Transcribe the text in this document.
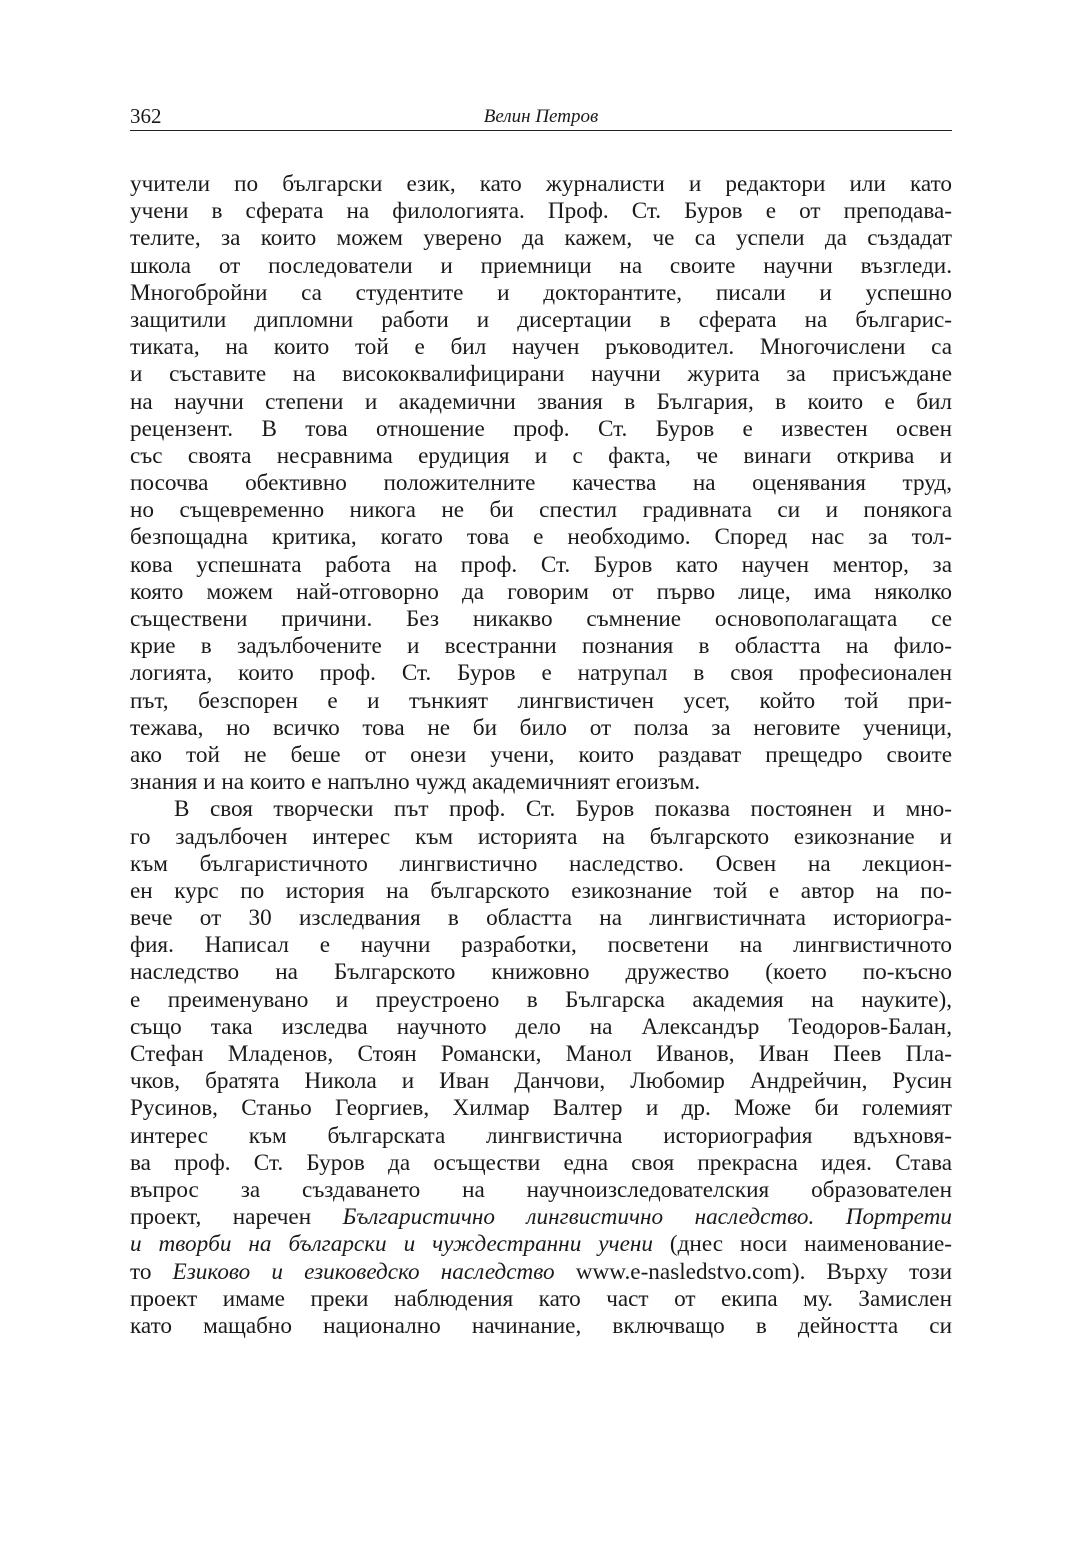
362	Велин Петров
учители по български език, като журналисти и редактори или като
учени в сферата на филологията. Проф. Ст. Буров е от преподава-
телите, за които можем уверено да кажем, че са успели да създадат
школа от последователи и приемници на своите научни възгледи.
Многобройни са студентите и докторантите, писали и успешно
защитили дипломни работи и дисертации в сферата на българис-
тиката, на които той е бил научен ръководител. Многочислени са
и съставите на висококвалифицирани научни журита за присъждане
на научни степени и академични звания в България, в които е бил
рецензент. В това отношение проф. Ст. Буров е известен освен
със своята несравнима ерудиция и с факта, че винаги открива и
посочва обективно положителните качества на оценявания труд,
но същевременно никога не би спестил градивната си и понякога
безпощадна критика, когато това е необходимо. Според нас за тол-
кова успешната работа на проф. Ст. Буров като научен ментор, за
която можем най-отговорно да говорим от първо лице, има няколко
съществени причини. Без никакво съмнение основополагащата се
крие в задълбочените и всестранни познания в областта на фило-
логията, които проф. Ст. Буров е натрупал в своя професионален
път, безспорен е и тънкият лингвистичен усет, който той при-
тежава, но всичко това не би било от полза за неговите ученици,
ако той не беше от онези учени, които раздават прещедро своите
знания и на които е напълно чужд академичният егоизъм.
В своя творчески път проф. Ст. Буров показва постоянен и мно-
го задълбочен интерес към историята на българското езикознание и
към българистичното лингвистично наследство. Освен на лекцион-
ен курс по история на българското езикознание той е автор на по-
вече от 30 изследвания в областта на лингвистичната историогра-
фия. Написал е научни разработки, посветени на лингвистичното
наследство на Българското книжовно дружество (което по-късно
е преименувано и преустроено в Българска академия на науките),
също така изследва научното дело на Александър Теодоров-Балан,
Стефан Младенов, Стоян Романски, Манол Иванов, Иван Пеев Пла-
чков, братята Никола и Иван Данчови, Любомир Андрейчин, Русин
Русинов, Станьо Георгиев, Хилмар Валтер и др. Може би големият
интерес към българската лингвистична историография вдъхновя-
ва проф. Ст. Буров да осъществи една своя прекрасна идея. Става
въпрос за създаването на научноизследователския образователен
проект, наречен Българистично лингвистично наследство. Портрети
и творби на български и чуждестранни учени (днес носи наименование-
то Езиково и езиковедско наследство www.e-nasledstvo.com). Върху този
проект имаме преки наблюдения като част от екипа му. Замислен
като мащабно национално начинание, включващо в дейността си
